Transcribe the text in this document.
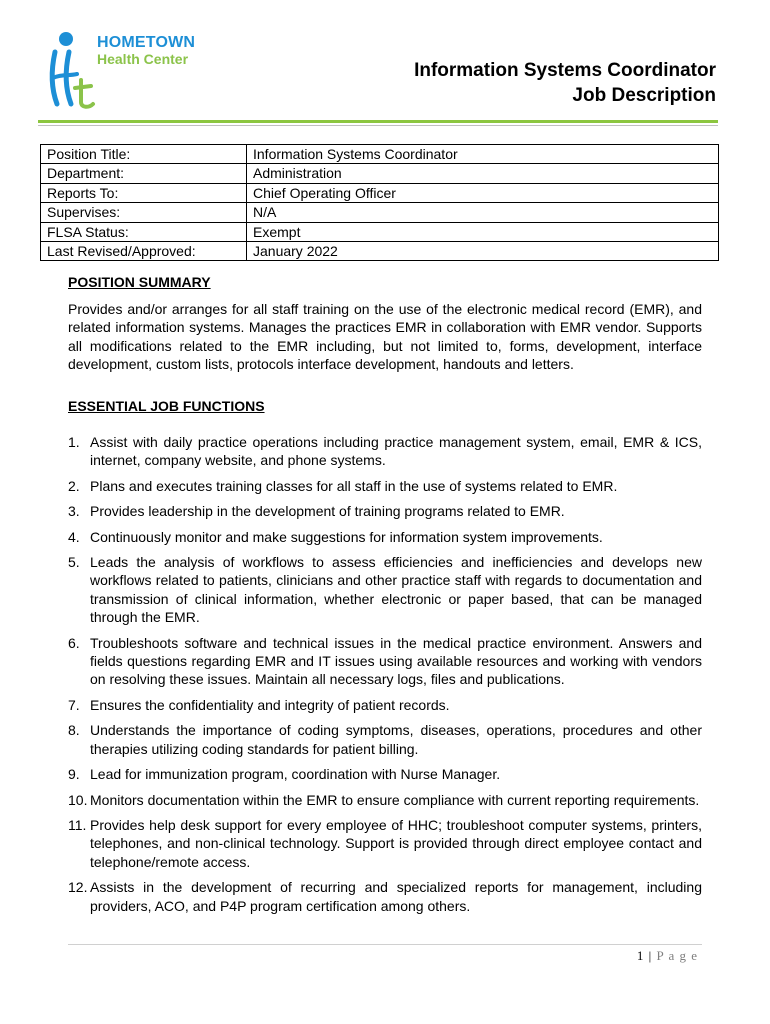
HOMETOWN
Health Center
Information Systems Coordinator
Job Description
Position Title:	Information Systems Coordinator
Department:	Administration
Reports To:	Chief Operating Officer
Supervises:	N/A
FLSA Status:	Exempt
Last Revised/Approved:	January 2022
POSITION SUMMARY
Provides and/or arranges for all staff training on the use of the electronic medical record (EMR), and related information systems. Manages the practices EMR in collaboration with EMR vendor. Supports all modifications related to the EMR including, but not limited to, forms, development, interface development, custom lists, protocols interface development, handouts and letters.
ESSENTIAL JOB FUNCTIONS
1. Assist with daily practice operations including practice management system, email, EMR & ICS, internet, company website, and phone systems.
2. Plans and executes training classes for all staff in the use of systems related to EMR.
3. Provides leadership in the development of training programs related to EMR.
4. Continuously monitor and make suggestions for information system improvements.
5. Leads the analysis of workflows to assess efficiencies and inefficiencies and develops new workflows related to patients, clinicians and other practice staff with regards to documentation and transmission of clinical information, whether electronic or paper based, that can be managed through the EMR.
6. Troubleshoots software and technical issues in the medical practice environment. Answers and fields questions regarding EMR and IT issues using available resources and working with vendors on resolving these issues. Maintain all necessary logs, files and publications.
7. Ensures the confidentiality and integrity of patient records.
8. Understands the importance of coding symptoms, diseases, operations, procedures and other therapies utilizing coding standards for patient billing.
9. Lead for immunization program, coordination with Nurse Manager.
10. Monitors documentation within the EMR to ensure compliance with current reporting requirements.
11. Provides help desk support for every employee of HHC; troubleshoot computer systems, printers, telephones, and non-clinical technology. Support is provided through direct employee contact and telephone/remote access.
12. Assists in the development of recurring and specialized reports for management, including providers, ACO, and P4P program certification among others.
1 | P a g e
